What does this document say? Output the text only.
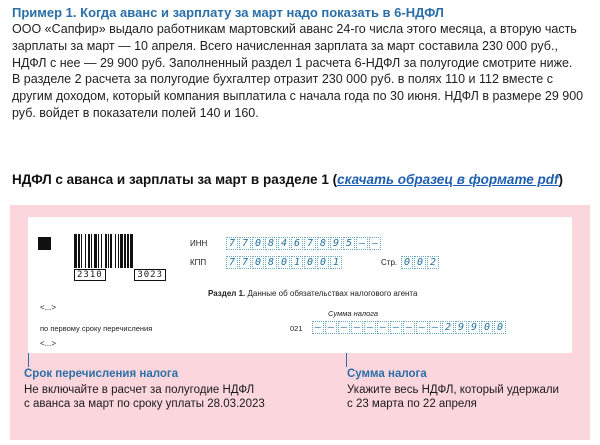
Пример 1. Когда аванс и зарплату за март надо показать в 6-НДФЛ

ООО «Сапфир» выдало работникам мартовский аванс 24-го числа этого месяца, а вторую часть зарплаты за март — 10 апреля. Всего начисленная зарплата за март составила 230 000 руб., НДФЛ с нее — 29 900 руб. Заполненный раздел 1 расчета 6-НДФЛ за полугодие смотрите ниже.

В разделе 2 расчета за полугодие бухгалтер отразит 230 000 руб. в полях 110 и 112 вместе с другим доходом, который компания выплатила с начала года по 30 июня. НДФЛ в размере 29 900 руб. войдет в показатели полей 140 и 160.

НДФЛ с аванса и зарплаты за март в разделе 1 (скачать образец в формате pdf)
2310	3023
ИНН 7 7 0 8 4 6 7 8 9 5 – –
КПП 7 7 0 8 0 1 0 0 1	Стр. 0 0 2
Раздел 1. Данные об обязательствах налогового агента
<...>
по первому сроку перечисления
<...>
Сумма налога
021 – – – – – – – – – – 2 9 9 0 0
Срок перечисления налога
Не включайте в расчет за полугодие НДФЛ
с аванса за март по сроку уплаты 28.03.2023
Сумма налога
Укажите весь НДФЛ, который удержали
с 23 марта по 22 апреля
